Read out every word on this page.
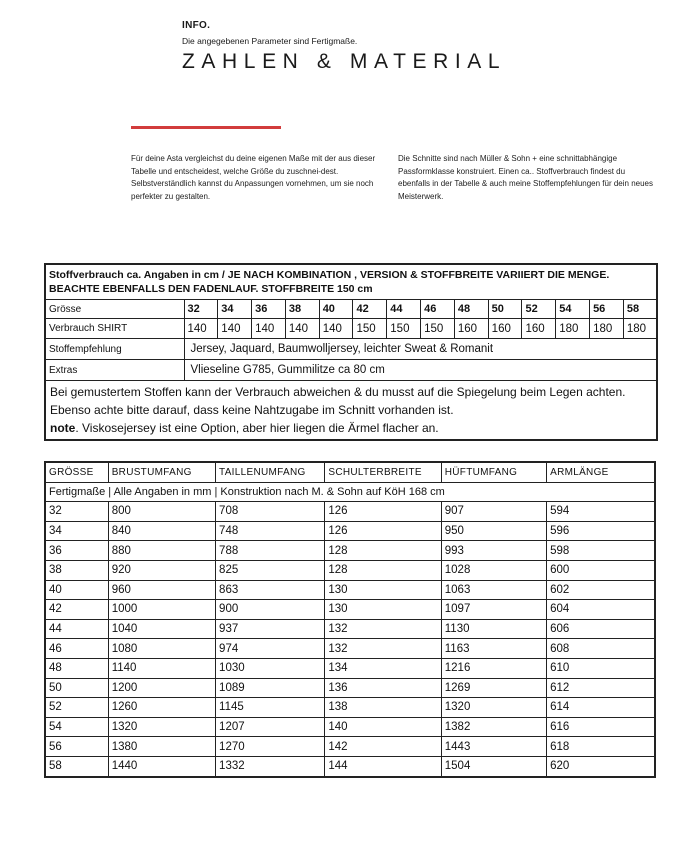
INFO.
Die angegebenen Parameter sind Fertigmaße.
ZAHLEN & MATERIAL
Für deine Asta vergleichst du deine eigenen Maße mit der aus dieser Tabelle und entscheidest, welche Größe du zuschnei-dest. Selbstverständlich kannst du Anpassungen vornehmen, um sie noch perfekter zu gestalten.
Die Schnitte sind nach Müller & Sohn + eine schnittabhängige Passformklasse konstruiert. Einen ca.. Stoffverbrauch findest du ebenfalls in der Tabelle & auch meine Stoffempfehlungen für dein neues Meisterwerk.
Stoffverbrauch ca. Angaben in cm / JE NACH KOMBINATION , VERSION & STOFFBREITE VARIIERT DIE MENGE.
BEACHTE EBENFALLS DEN FADENLAUF. STOFFBREITE 150 cm														

Grösse	32	34	36	38	40	42	44	46	48	50	52	54	56	58
Verbrauch SHIRT	140	140	140	140	140	150	150	150	160	160	160	180	180	180
Stoffempfehlung	Jersey, Jaquard, Baumwolljersey, leichter Sweat & Romanit													
Extras	Vlieseline G785, Gummilitze ca 80 cm													

Bei gemustertem Stoffen kann der Verbrauch abweichen & du musst auf die Spiegelung beim Legen achten.
Ebenso achte bitte darauf, dass keine Nahtzugabe im Schnitt vorhanden ist.
note. Viskosejersey ist eine Option, aber hier liegen die Ärmel flacher an.														
GRÖSSE	BRUSTUMFANG	TAILLENUMFANG	SCHULTERBREITE	HÜFTUMFANG	ARMLÄNGE
Fertigmaße | Alle Angaben in mm | Konstruktion nach M. & Sohn auf KöH 168 cm					
32	800	708	126	907	594
34	840	748	126	950	596
36	880	788	128	993	598
38	920	825	128	1028	600
40	960	863	130	1063	602
42	1000	900	130	1097	604
44	1040	937	132	1130	606
46	1080	974	132	1163	608
48	1140	1030	134	1216	610
50	1200	1089	136	1269	612
52	1260	1145	138	1320	614
54	1320	1207	140	1382	616
56	1380	1270	142	1443	618
58	1440	1332	144	1504	620
